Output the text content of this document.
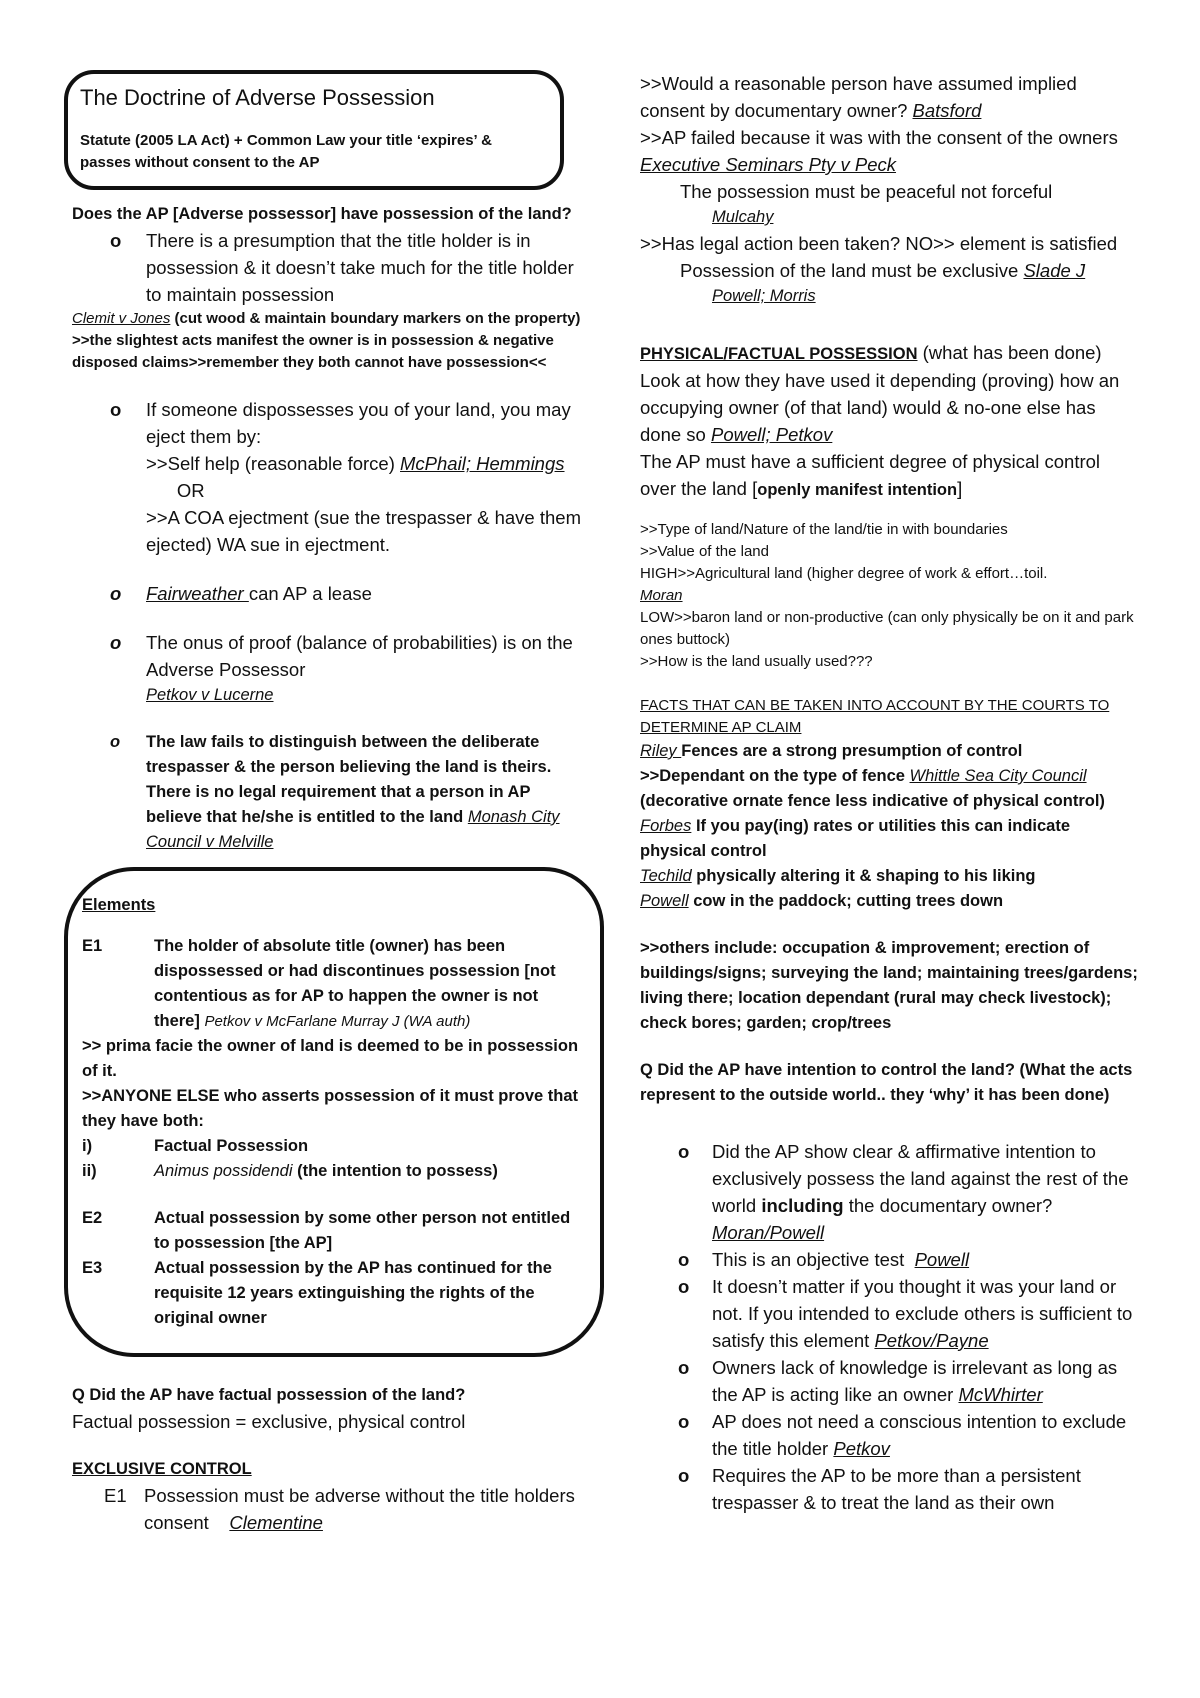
The Doctrine of Adverse Possession

Statute (2005 LA Act) + Common Law your title ‘expires’ & passes without consent to the AP

Does the AP [Adverse possessor] have possession of the land?

o There is a presumption that the title holder is in possession & it doesn’t take much for the title holder to maintain possession

Clemit v Jones (cut wood & maintain boundary markers on the property) >>the slightest acts manifest the owner is in possession & negative disposed claims>>remember they both cannot have possession<<

o If someone dispossesses you of your land, you may eject them by:
>>Self help (reasonable force) McPhail; Hemmings      OR
>>A COA ejectment (sue the trespasser & have them ejected) WA sue in ejectment.
o Fairweather can AP a lease
o The onus of proof (balance of probabilities) is on the Adverse Possessor
Petkov v Lucerne
o The law fails to distinguish between the deliberate trespasser & the person believing the land is theirs. There is no legal requirement that a person in AP believe that he/she is entitled to the land Monash City Council v Melville

Elements

E1	The holder of absolute title (owner) has been dispossessed or had discontinues possession [not contentious as for AP to happen the owner is not there] Petkov v McFarlane Murray J (WA auth)

>> prima facie the owner of land is deemed to be in possession of it.

>>ANYONE ELSE who asserts possession of it must prove that they have both:

i)	Factual Possession
ii)	Animus possidendi (the intention to possess)
E2	Actual possession by some other person not entitled to possession [the AP]
E3	Actual possession by the AP has continued for the requisite 12 years extinguishing the rights of the original owner

Q Did the AP have factual possession of the land?

Factual possession = exclusive, physical control

EXCLUSIVE CONTROL

E1 Possession must be adverse without the title holders consent    Clementine

>>Would a reasonable person have assumed implied consent by documentary owner? Batsford

>>AP failed because it was with the consent of the owners Executive Seminars Pty v Peck

The possession must be peaceful not forceful

Mulcahy

>>Has legal action been taken? NO>> element is satisfied

Possession of the land must be exclusive Slade J

Powell; Morris

PHYSICAL/FACTUAL POSSESSION (what has been done) Look at how they have used it depending (proving) how an occupying owner (of that land) would & no-one else has done so Powell; Petkov

The AP must have a sufficient degree of physical control over the land [openly manifest intention]

>>Type of land/Nature of the land/tie in with boundaries

>>Value of the land

HIGH>>Agricultural land (higher degree of work & effort…toil.

Moran

LOW>>baron land or non-productive (can only physically be on it and park ones buttock)

>>How is the land usually used???

FACTS THAT CAN BE TAKEN INTO ACCOUNT BY THE COURTS TO DETERMINE AP CLAIM

Riley Fences are a strong presumption of control

>>Dependant on the type of fence Whittle Sea City Council

(decorative ornate fence less indicative of physical control)

Forbes If you pay(ing) rates or utilities this can indicate physical control

Techild physically altering it & shaping to his liking

Powell cow in the paddock; cutting trees down

>>others include: occupation & improvement; erection of buildings/signs; surveying the land; maintaining trees/gardens; living there; location dependant (rural may check livestock); check bores; garden; crop/trees

Q Did the AP have intention to control the land? (What the acts represent to the outside world.. they ‘why’ it has been done)

o Did the AP show clear & affirmative intention to exclusively possess the land against the rest of the world including the documentary owner? Moran/Powell
o This is an objective test  Powell
o It doesn’t matter if you thought it was your land or not. If you intended to exclude others is sufficient to satisfy this element Petkov/Payne
o Owners lack of knowledge is irrelevant as long as the AP is acting like an owner McWhirter
o AP does not need a conscious intention to exclude the title holder Petkov
o Requires the AP to be more than a persistent trespasser & to treat the land as their own
